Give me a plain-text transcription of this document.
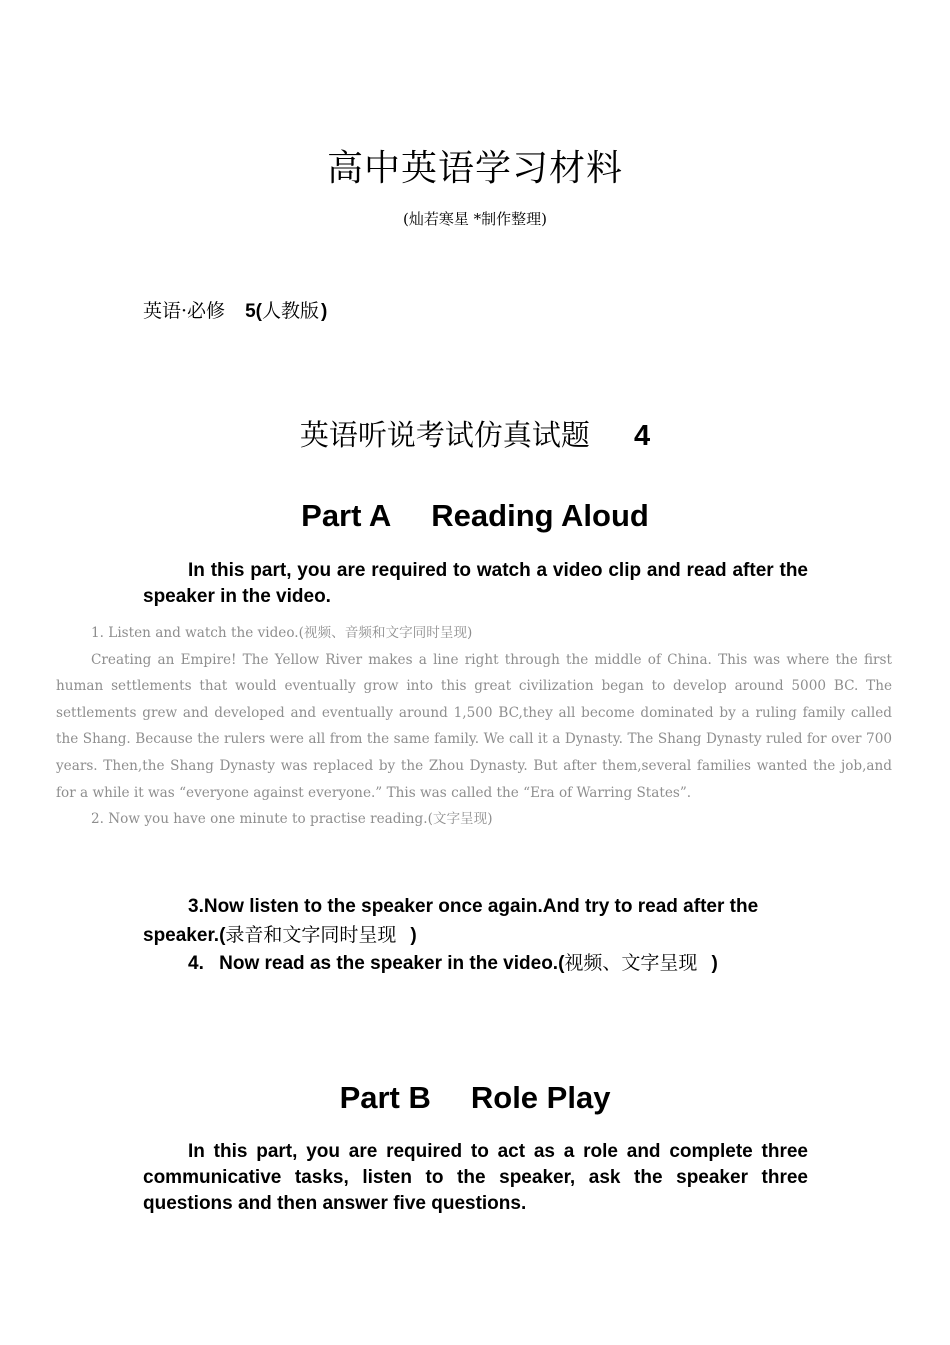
高中英语学习材料
(灿若寒星 *制作整理)
英语·必修 5(人教版 )
英语听说考试仿真试题 4
Part A Reading Aloud
In this part, you are required to watch a video clip and read after the speaker in the video.

1. Listen and watch the video.(视频、音频和文字同时呈现)

Creating an Empire! The Yellow River makes a line right through the middle of China. This was where the first human settlements that would eventually grow into this great civilization began to develop around 5000 BC. The settlements grew and developed and eventually around 1,500 BC,they all become dominated by a ruling family called the Shang. Because the rulers were all from the same family. We call it a Dynasty. The Shang Dynasty ruled for over 700 years. Then,the Shang Dynasty was replaced by the Zhou Dynasty. But after them,several families wanted the job,and for a while it was “everyone against everyone.” This was called the “Era of Warring States”.

2. Now you have one minute to practise reading.(文字呈现)

3.Now listen to the speaker once again.And try to read after the speaker.(录音和文字同时呈现 )
4. Now read as the speaker in the video.(视频、文字呈现 )
Part B Role Play
In this part, you are required to act as a role and complete three communicative tasks, listen to the speaker, ask the speaker three questions and then answer five questions.
